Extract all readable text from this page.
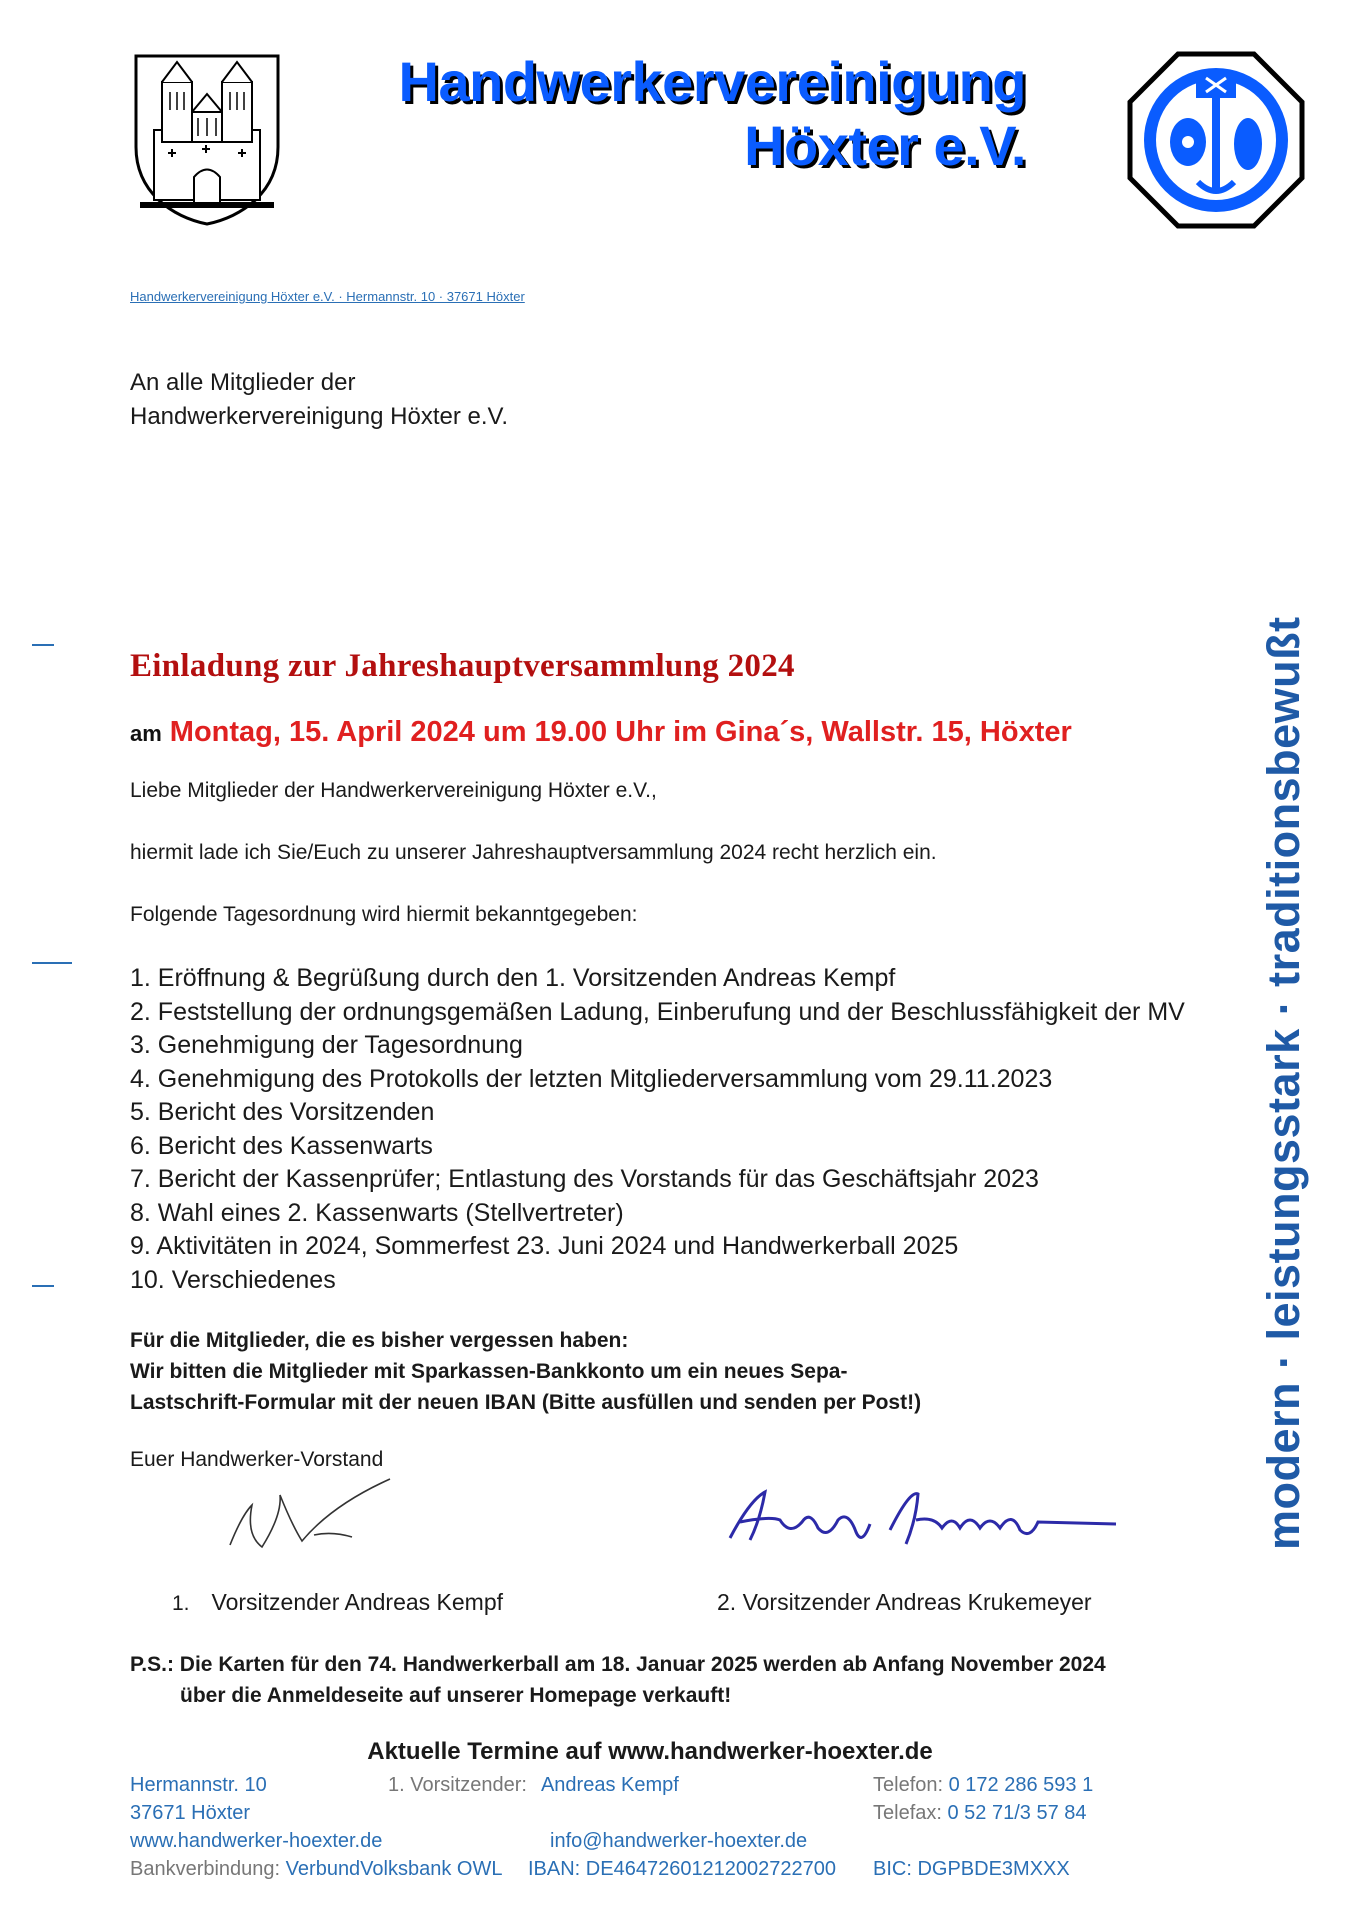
Handwerkervereinigung
Höxter e.V.
Handwerkervereinigung Höxter e.V. · Hermannstr. 10 · 37671 Höxter
An alle Mitglieder der
Handwerkervereinigung Höxter e.V.
Einladung zur Jahreshauptversammlung 2024
am Montag, 15. April 2024 um 19.00 Uhr im Gina´s, Wallstr. 15, Höxter
Liebe Mitglieder der Handwerkervereinigung Höxter e.V.,
hiermit lade ich Sie/Euch zu unserer Jahreshauptversammlung 2024 recht herzlich ein.
Folgende Tagesordnung wird hiermit bekanntgegeben:
1. Eröffnung & Begrüßung durch den 1. Vorsitzenden Andreas Kempf
2. Feststellung der ordnungsgemäßen Ladung, Einberufung und der Beschlussfähigkeit der MV
3. Genehmigung der Tagesordnung
4. Genehmigung des Protokolls der letzten Mitgliederversammlung vom 29.11.2023
5. Bericht des Vorsitzenden
6. Bericht des Kassenwarts
7. Bericht der Kassenprüfer; Entlastung des Vorstands für das Geschäftsjahr 2023
8. Wahl eines 2. Kassenwarts (Stellvertreter)
9. Aktivitäten in 2024, Sommerfest 23. Juni 2024 und Handwerkerball 2025
10. Verschiedenes
Für die Mitglieder, die es bisher vergessen haben:
Wir bitten die Mitglieder mit Sparkassen-Bankkonto um ein neues Sepa-
Lastschrift-Formular mit der neuen IBAN (Bitte ausfüllen und senden per Post!)
Euer Handwerker-Vorstand
1. Vorsitzender Andreas Kempf	2. Vorsitzender Andreas Krukemeyer
P.S.: Die Karten für den 74. Handwerkerball am 18. Januar 2025 werden ab Anfang November 2024
über die Anmeldeseite auf unserer Homepage verkauft!
Aktuelle Termine auf www.handwerker-hoexter.de
Hermannstr. 10
37671 Höxter
www.handwerker-hoexter.de
1. Vorsitzender: Andreas Kempf
info@handwerker-hoexter.de
Telefon: 0 172 286 593 1
Telefax: 0 52 71/3 57 84
Bankverbindung: VerbundVolksbank OWL IBAN: DE46472601212002722700 BIC: DGPBDE3MXXX
modern · leistungsstark · traditionsbewußt
